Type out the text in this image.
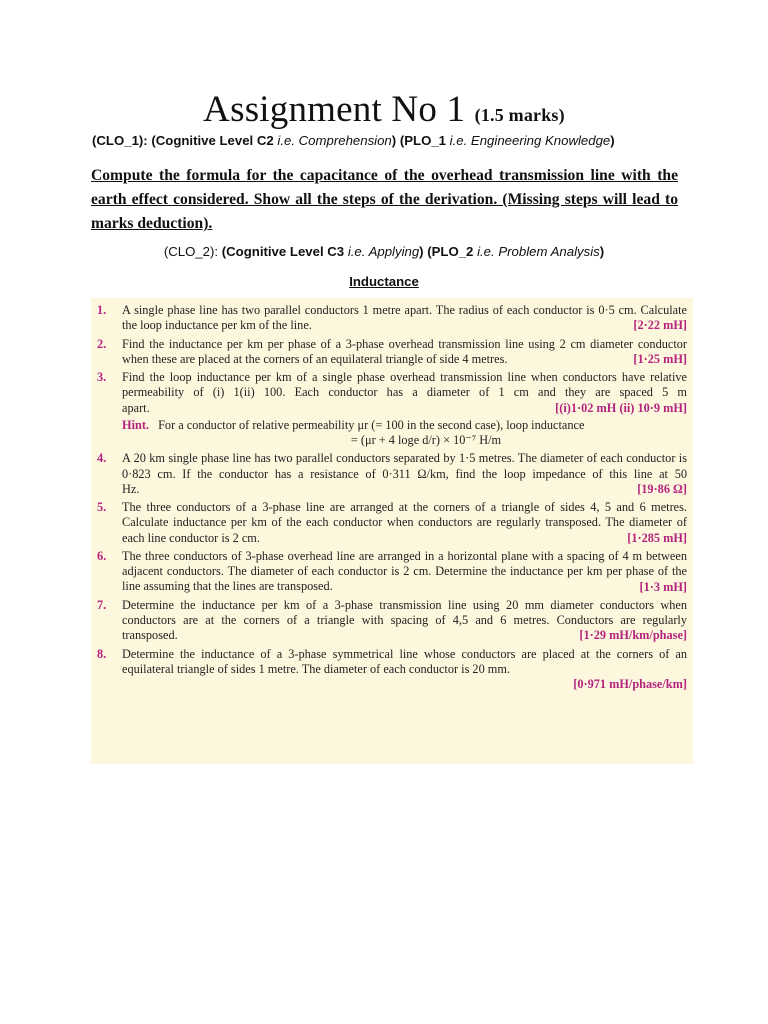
Assignment No 1 (1.5 marks)
(CLO_1): (Cognitive Level C2 i.e. Comprehension) (PLO_1 i.e. Engineering Knowledge)
Compute the formula for the capacitance of the overhead transmission line with the earth effect considered. Show all the steps of the derivation. (Missing steps will lead to marks deduction).
(CLO_2): (Cognitive Level C3 i.e. Applying) (PLO_2 i.e. Problem Analysis)
Inductance
1. A single phase line has two parallel conductors 1 metre apart. The radius of each conductor is 0·5 cm. Calculate the loop inductance per km of the line.	[2·22 mH]
2. Find the inductance per km per phase of a 3-phase overhead transmission line using 2 cm diameter conductor when these are placed at the corners of an equilateral triangle of side 4 metres.	[1·25 mH]
3. Find the loop inductance per km of a single phase overhead transmission line when conductors have relative permeability of (i) 1(ii) 100. Each conductor has a diameter of 1 cm and they are spaced 5 m apart.	[(i)1·02 mH (ii) 10·9 mH]
Hint. For a conductor of relative permeability μr (= 100 in the second case), loop inductance
= (μr + 4 loge d/r) × 10⁻⁷ H/m
4. A 20 km single phase line has two parallel conductors separated by 1·5 metres. The diameter of each conductor is 0·823 cm. If the conductor has a resistance of 0·311 Ω/km, find the loop impedance of this line at 50 Hz.	[19·86 Ω]
5. The three conductors of a 3-phase line are arranged at the corners of a triangle of sides 4, 5 and 6 metres. Calculate inductance per km of the each conductor when conductors are regularly transposed. The diameter of each line conductor is 2 cm.	[1·285 mH]
6. The three conductors of 3-phase overhead line are arranged in a horizontal plane with a spacing of 4 m between adjacent conductors. The diameter of each conductor is 2 cm. Determine the inductance per km per phase of the line assuming that the lines are transposed.	[1·3 mH]
7. Determine the inductance per km of a 3-phase transmission line using 20 mm diameter conductors when conductors are at the corners of a triangle with spacing of 4,5 and 6 metres. Conductors are regularly transposed.	[1·29 mH/km/phase]
8. Determine the inductance of a 3-phase symmetrical line whose conductors are placed at the corners of an equilateral triangle of sides 1 metre. The diameter of each conductor is 20 mm.
[0·971 mH/phase/km]
